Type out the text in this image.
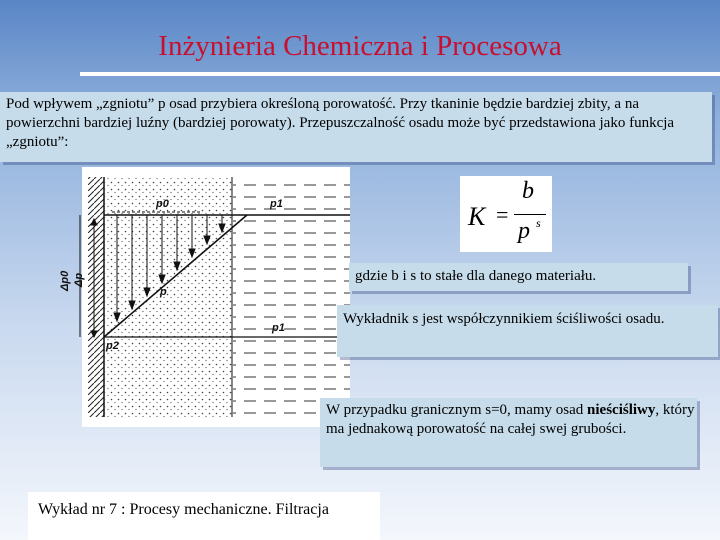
Inżynieria Chemiczna i Procesowa
Pod wpływem „zgniotu” p osad przybiera określoną porowatość. Przy tkaninie będzie bardziej zbity, a na powierzchni bardziej luźny (bardziej porowaty). Przepuszczalność osadu może być przedstawiona jako funkcja „zgniotu”:
p0	p1
p1
p2
p
Δp
Δp0
K =
b
p s
gdzie b i s to stałe dla danego materiału.
Wykładnik s jest współczynnikiem ściśliwości osadu.
W przypadku granicznym s=0, mamy osad nieściśliwy, który ma jednakową porowatość na całej swej grubości.
Wykład nr 7 : Procesy mechaniczne. Filtracja
